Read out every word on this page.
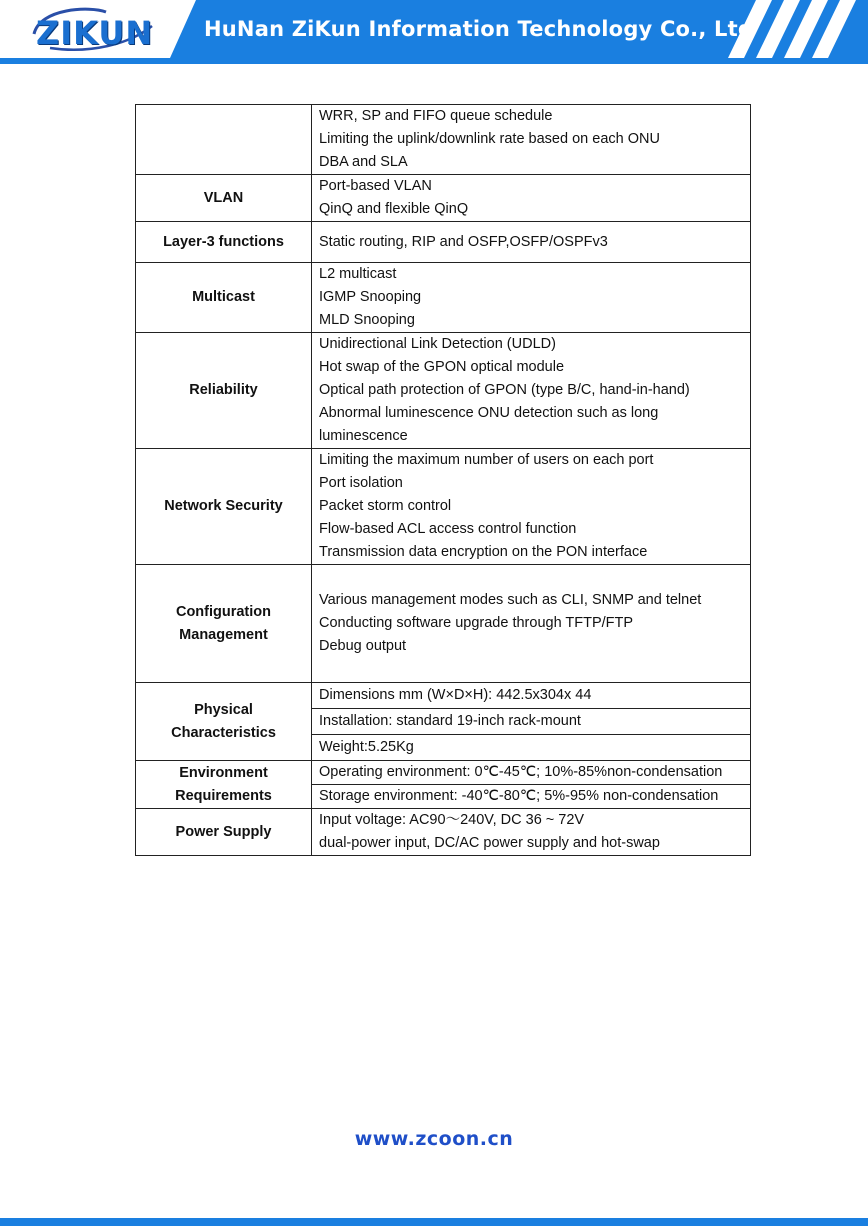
ZIKUN HuNan ZiKun Information Technology Co., Ltd

	WRR, SP and FIFO queue schedule
Limiting the uplink/downlink rate based on each ONU
DBA and SLA

VLAN	Port-based VLAN
QinQ and flexible QinQ

Layer-3 functions	Static routing, RIP and OSFP,OSFP/OSPFv3

Multicast	L2 multicast
IGMP Snooping
MLD Snooping

Reliability	Unidirectional Link Detection (UDLD)
Hot swap of the GPON optical module
Optical path protection of GPON (type B/C, hand-in-hand)
Abnormal luminescence ONU detection such as long
luminescence

Network Security	Limiting the maximum number of users on each port
Port isolation
Packet storm control
Flow-based ACL access control function
Transmission data encryption on the PON interface

Configuration
Management	Various management modes such as CLI, SNMP and telnet
Conducting software upgrade through TFTP/FTP
Debug output

Physical
Characteristics	Dimensions mm (W×D×H): 442.5x304x 44

	Installation: standard 19-inch rack-mount

	Weight:5.25Kg

Environment
Requirements	Operating environment: 0℃-45℃; 10%-85%non-condensation

	Storage environment: -40℃-80℃; 5%-95% non-condensation

Power Supply	Input voltage: AC90～240V, DC 36 ~ 72V
dual-power input, DC/AC power supply and hot-swap
www.zcoon.cn
